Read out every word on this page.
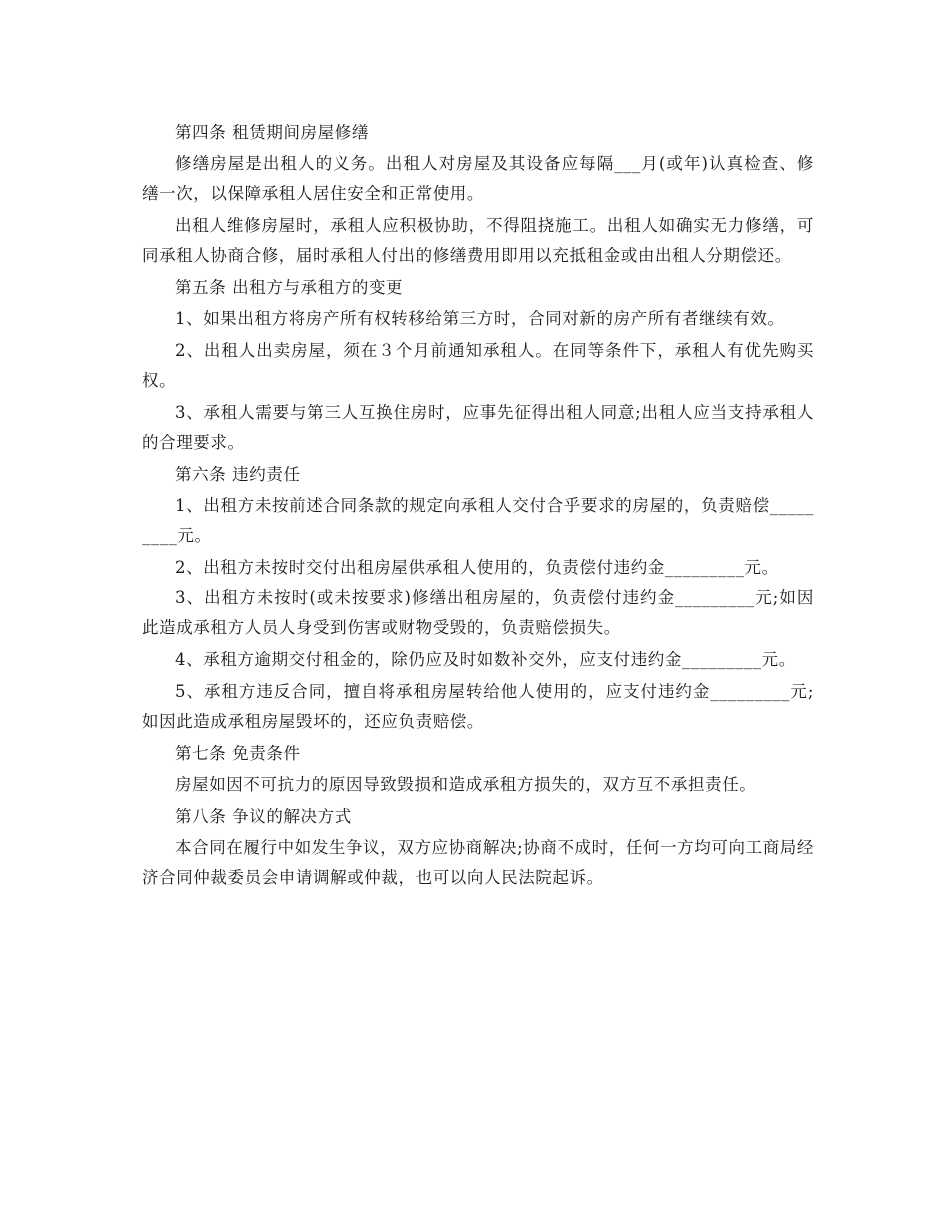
第四条 租赁期间房屋修缮

修缮房屋是出租人的义务。出租人对房屋及其设备应每隔___月(或年)认真检查、修缮一次，以保障承租人居住安全和正常使用。

出租人维修房屋时，承租人应积极协助，不得阻挠施工。出租人如确实无力修缮，可同承租人协商合修，届时承租人付出的修缮费用即用以充抵租金或由出租人分期偿还。

第五条 出租方与承租方的变更

1、如果出租方将房产所有权转移给第三方时，合同对新的房产所有者继续有效。

2、出租人出卖房屋，须在３个月前通知承租人。在同等条件下，承租人有优先购买权。

3、承租人需要与第三人互换住房时，应事先征得出租人同意;出租人应当支持承租人的合理要求。

第六条 违约责任

1、出租方未按前述合同条款的规定向承租人交付合乎要求的房屋的，负责赔偿_________元。

2、出租方未按时交付出租房屋供承租人使用的，负责偿付违约金_________元。

3、出租方未按时(或未按要求)修缮出租房屋的，负责偿付违约金_________元;如因此造成承租方人员人身受到伤害或财物受毁的，负责赔偿损失。

4、承租方逾期交付租金的，除仍应及时如数补交外，应支付违约金_________元。

5、承租方违反合同，擅自将承租房屋转给他人使用的，应支付违约金_________元;如因此造成承租房屋毁坏的，还应负责赔偿。

第七条 免责条件

房屋如因不可抗力的原因导致毁损和造成承租方损失的，双方互不承担责任。

第八条 争议的解决方式

本合同在履行中如发生争议，双方应协商解决;协商不成时，任何一方均可向工商局经济合同仲裁委员会申请调解或仲裁，也可以向人民法院起诉。
